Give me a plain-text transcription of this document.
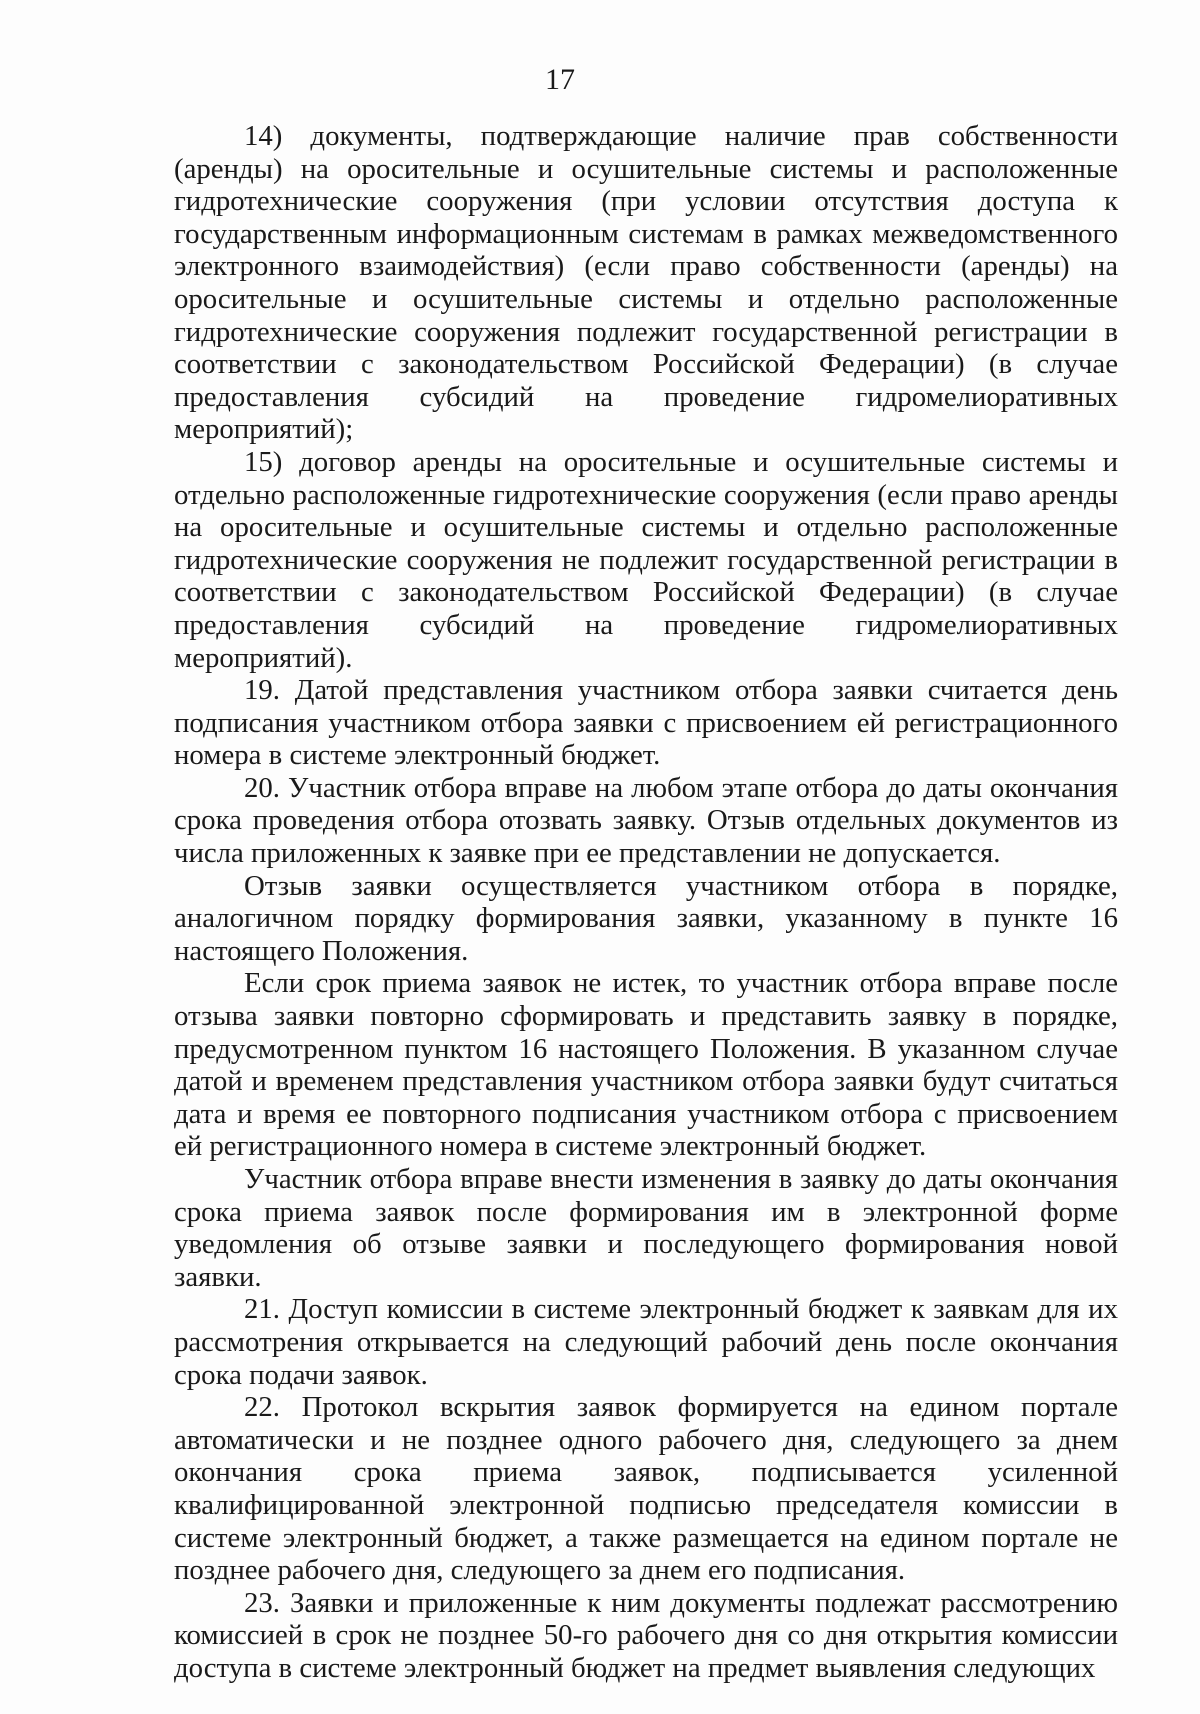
17

14) документы, подтверждающие наличие прав собственности (аренды) на оросительные и осушительные системы и расположенные гидротехнические сооружения (при условии отсутствия доступа к государственным информационным системам в рамках межведомственного электронного взаимодействия) (если право собственности (аренды) на оросительные и осушительные системы и отдельно расположенные гидротехнические сооружения подлежит государственной регистрации в соответствии с законодательством Российской Федерации) (в случае предоставления субсидий на проведение гидромелиоративных мероприятий);

15) договор аренды на оросительные и осушительные системы и отдельно расположенные гидротехнические сооружения (если право аренды на оросительные и осушительные системы и отдельно расположенные гидротехнические сооружения не подлежит государственной регистрации в соответствии с законодательством Российской Федерации) (в случае предоставления субсидий на проведение гидромелиоративных мероприятий).

19. Датой представления участником отбора заявки считается день подписания участником отбора заявки с присвоением ей регистрационного номера в системе электронный бюджет.

20. Участник отбора вправе на любом этапе отбора до даты окончания срока проведения отбора отозвать заявку. Отзыв отдельных документов из числа приложенных к заявке при ее представлении не допускается.

Отзыв заявки осуществляется участником отбора в порядке, аналогичном порядку формирования заявки, указанному в пункте 16 настоящего Положения.

Если срок приема заявок не истек, то участник отбора вправе после отзыва заявки повторно сформировать и представить заявку в порядке, предусмотренном пунктом 16 настоящего Положения. В указанном случае датой и временем представления участником отбора заявки будут считаться дата и время ее повторного подписания участником отбора с присвоением ей регистрационного номера в системе электронный бюджет.

Участник отбора вправе внести изменения в заявку до даты окончания срока приема заявок после формирования им в электронной форме уведомления об отзыве заявки и последующего формирования новой заявки.

21. Доступ комиссии в системе электронный бюджет к заявкам для их рассмотрения открывается на следующий рабочий день после окончания срока подачи заявок.

22. Протокол вскрытия заявок формируется на едином портале автоматически и не позднее одного рабочего дня, следующего за днем окончания срока приема заявок, подписывается усиленной квалифицированной электронной подписью председателя комиссии в системе электронный бюджет, а также размещается на едином портале не позднее рабочего дня, следующего за днем его подписания.

23. Заявки и приложенные к ним документы подлежат рассмотрению комиссией в срок не позднее 50-го рабочего дня со дня открытия комиссии доступа в системе электронный бюджет на предмет выявления следующих
